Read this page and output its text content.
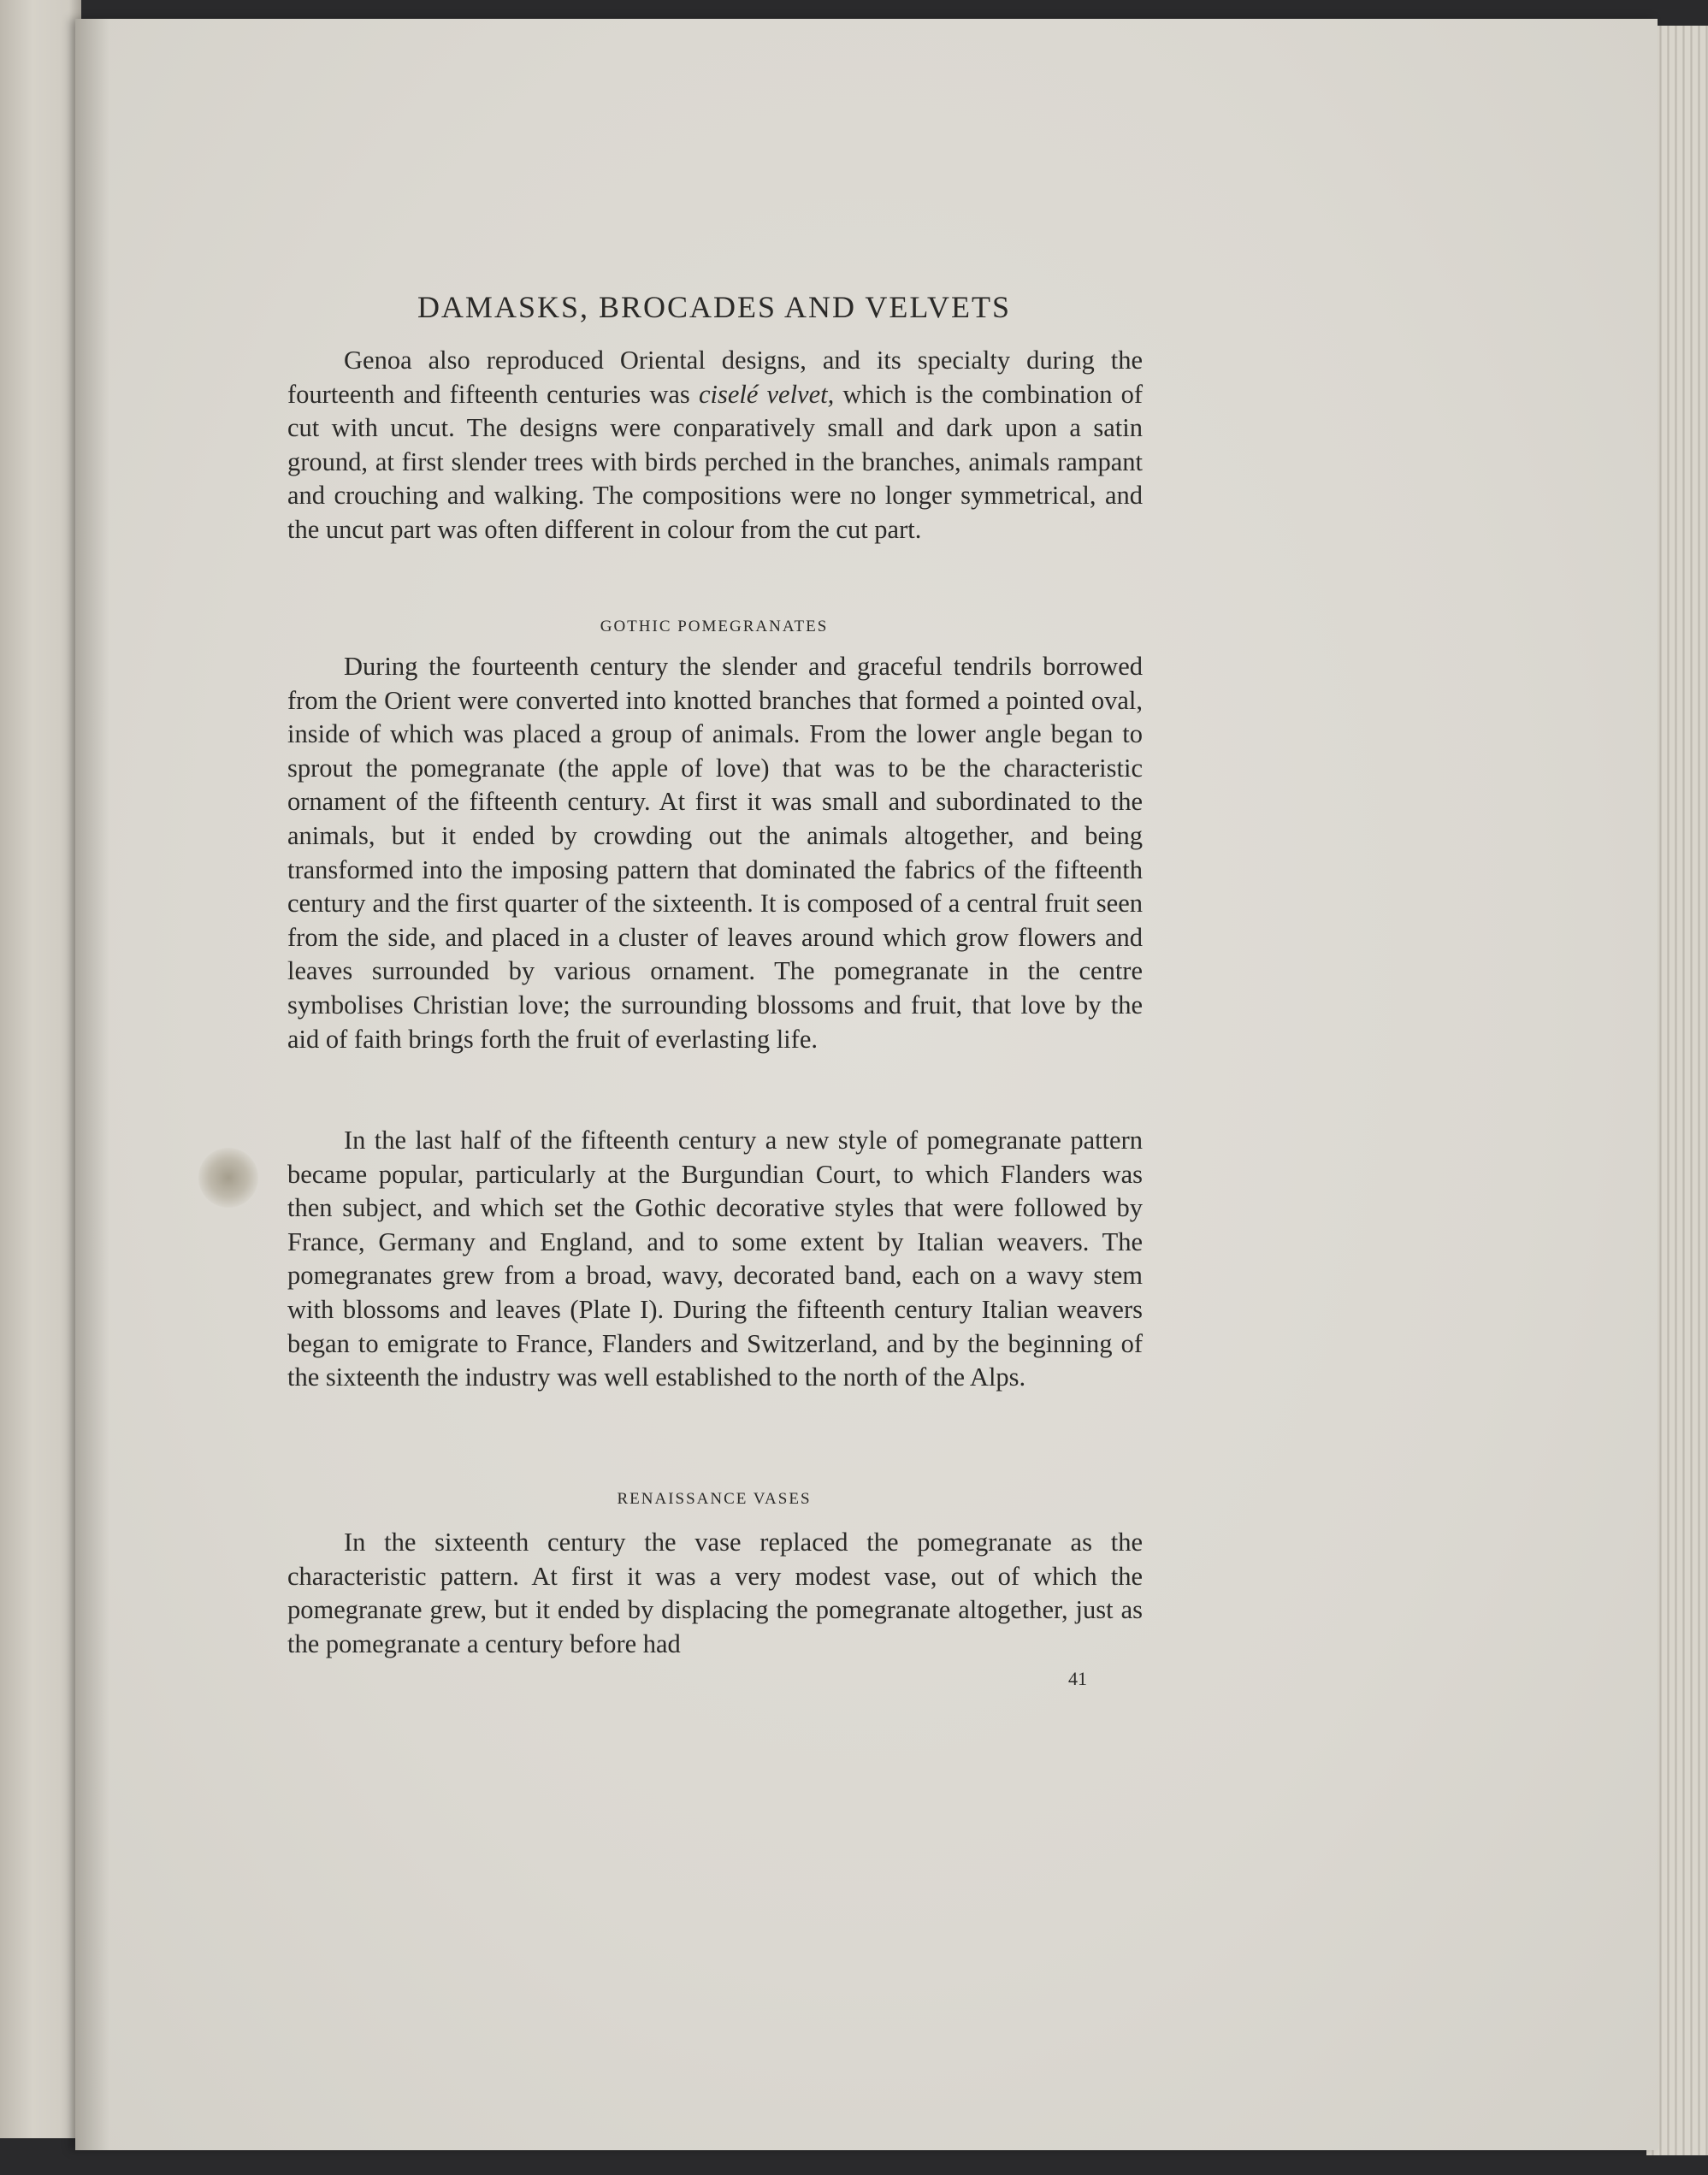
DAMASKS, BROCADES AND VELVETS

Genoa also reproduced Oriental designs, and its specialty during the fourteenth and fifteenth centuries was ciselé velvet, which is the combination of cut with uncut. The designs were conparatively small and dark upon a satin ground, at first slender trees with birds perched in the branches, animals rampant and crouching and walking. The compositions were no longer symmetrical, and the uncut part was often different in colour from the cut part.

GOTHIC POMEGRANATES

During the fourteenth century the slender and graceful tendrils borrowed from the Orient were converted into knotted branches that formed a pointed oval, inside of which was placed a group of animals. From the lower angle began to sprout the pomegranate (the apple of love) that was to be the characteristic ornament of the fifteenth century. At first it was small and subordinated to the animals, but it ended by crowding out the animals altogether, and being transformed into the imposing pattern that dominated the fabrics of the fifteenth century and the first quarter of the sixteenth. It is composed of a central fruit seen from the side, and placed in a cluster of leaves around which grow flowers and leaves surrounded by various ornament. The pomegranate in the centre symbolises Christian love; the surrounding blossoms and fruit, that love by the aid of faith brings forth the fruit of everlasting life.

In the last half of the fifteenth century a new style of pomegranate pattern became popular, particularly at the Burgundian Court, to which Flanders was then subject, and which set the Gothic decorative styles that were followed by France, Germany and England, and to some extent by Italian weavers. The pomegranates grew from a broad, wavy, decorated band, each on a wavy stem with blossoms and leaves (Plate I). During the fifteenth century Italian weavers began to emigrate to France, Flanders and Switzerland, and by the beginning of the sixteenth the industry was well established to the north of the Alps.

RENAISSANCE VASES

In the sixteenth century the vase replaced the pomegranate as the characteristic pattern. At first it was a very modest vase, out of which the pomegranate grew, but it ended by displacing the pomegranate altogether, just as the pomegranate a century before had

41
